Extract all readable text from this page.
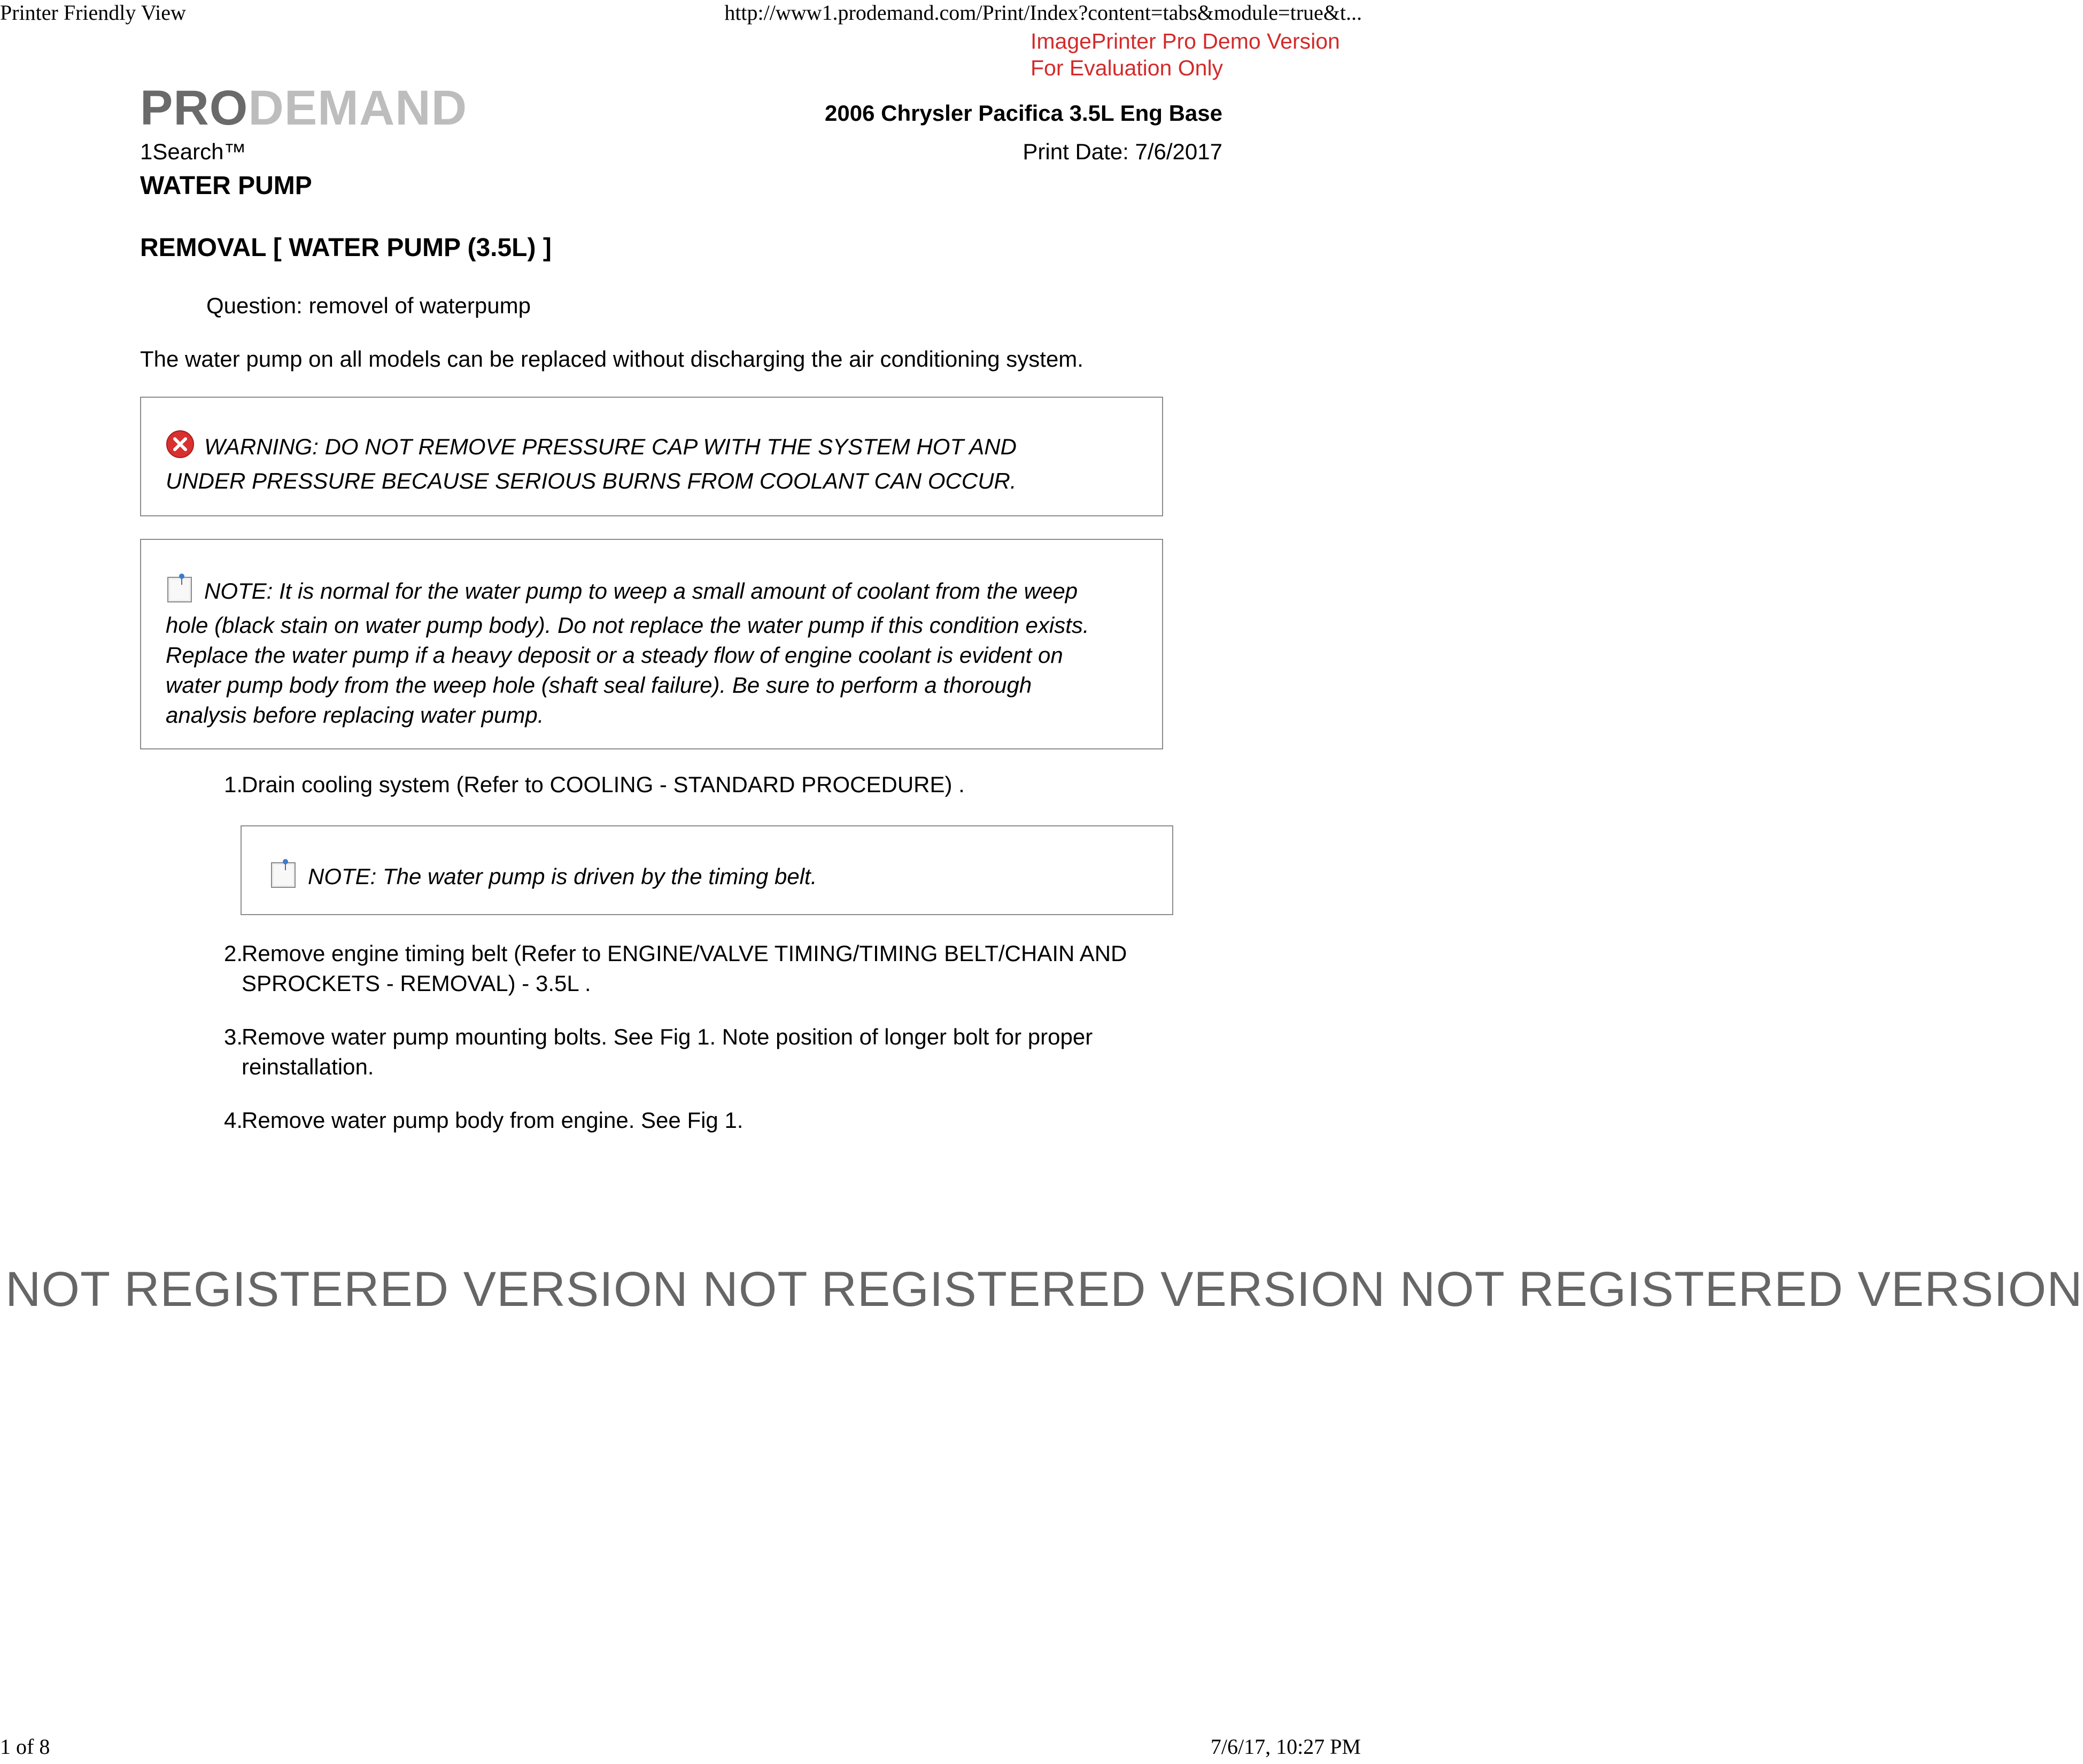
Printer Friendly View	http://www1.prodemand.com/Print/Index?content=tabs&module=true&t...
ImagePrinter Pro Demo Version
For Evaluation Only
PRODEMAND	2006 Chrysler Pacifica 3.5L Eng Base
1Search™	Print Date: 7/6/2017
WATER PUMP
REMOVAL [ WATER PUMP (3.5L) ]
Question: removel of waterpump
The water pump on all models can be replaced without discharging the air conditioning system.
WARNING: DO NOT REMOVE PRESSURE CAP WITH THE SYSTEM HOT AND
UNDER PRESSURE BECAUSE SERIOUS BURNS FROM COOLANT CAN OCCUR.
NOTE: It is normal for the water pump to weep a small amount of coolant from the weep
hole (black stain on water pump body). Do not replace the water pump if this condition exists.
Replace the water pump if a heavy deposit or a steady flow of engine coolant is evident on
water pump body from the weep hole (shaft seal failure). Be sure to perform a thorough
analysis before replacing water pump.
1.
Drain cooling system (Refer to COOLING - STANDARD PROCEDURE) .
2.
Remove engine timing belt (Refer to ENGINE/VALVE TIMING/TIMING BELT/CHAIN AND
SPROCKETS - REMOVAL) - 3.5L .
3.
Remove water pump mounting bolts. See Fig 1. Note position of longer bolt for proper
reinstallation.
4.
Remove water pump body from engine. See Fig 1.
NOTE: The water pump is driven by the timing belt.
NOT REGISTERED VERSION NOT REGISTERED VERSION NOT REGISTERED VERSION
1 of 8	7/6/17, 10:27 PM
